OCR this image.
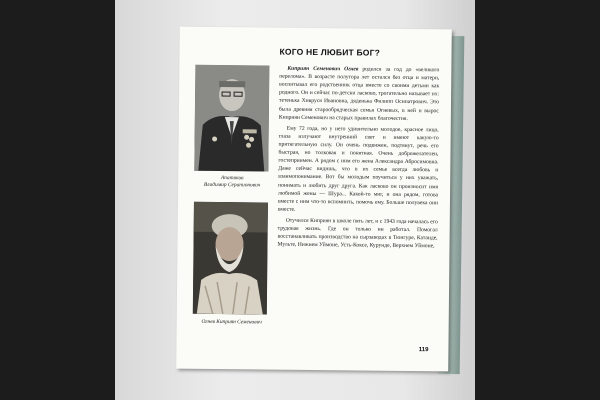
КОГО НЕ ЛЮБИТ БОГ?
Апатиков
Владимир Серапионович
Огнев Киприян Семенович

Киприян Семенович Огнев родился за год до «великого перелома». В возрасте полутора лет остался без отца и матери, воспитывал его родственник отца вместе со своими детьми как родного. Он и сейчас по-детски ласково, трогательно называет их: тетенька Хивруся Ивановна, дяденька Филипп Осипатрович. Это была древняя старообрядческая семья Огневых, в ней и вырос Киприян Семенович на старых правилах благочестия.

Ему 72 года, но у него удивительно молодое, красное лицо, глаза излучают внутренний свет и имеют какую-то притягательную силу. Он очень подвижен, подтянут, речь его быстрая, но толковая и понятная. Очень доброжелателен, гостеприимен. А рядом с ним его жена Александра Абросимовна. Даже сейчас видишь, что в их семье всегда любовь и взаимопонимание. Вот бы молодым поучиться у них уважать, понимать и любить друг друга. Как ласково он произносит имя любимой жены — Шура... Какой-то миг, и она рядом, готова вместе с ним что-то вспомнить, помочь ему. Больше полувека они вместе.

Отучился Киприян в школе пять лет, и с 1943 года началась его трудовая жизнь. Где он только ни работал. Помогал восстанавливать производство на сырзаводах в Тюнгуре, Катанде, Мульте, Нижнем Уймоне, Усть-Коксе, Курунде, Верхнем Уймоне,

119
